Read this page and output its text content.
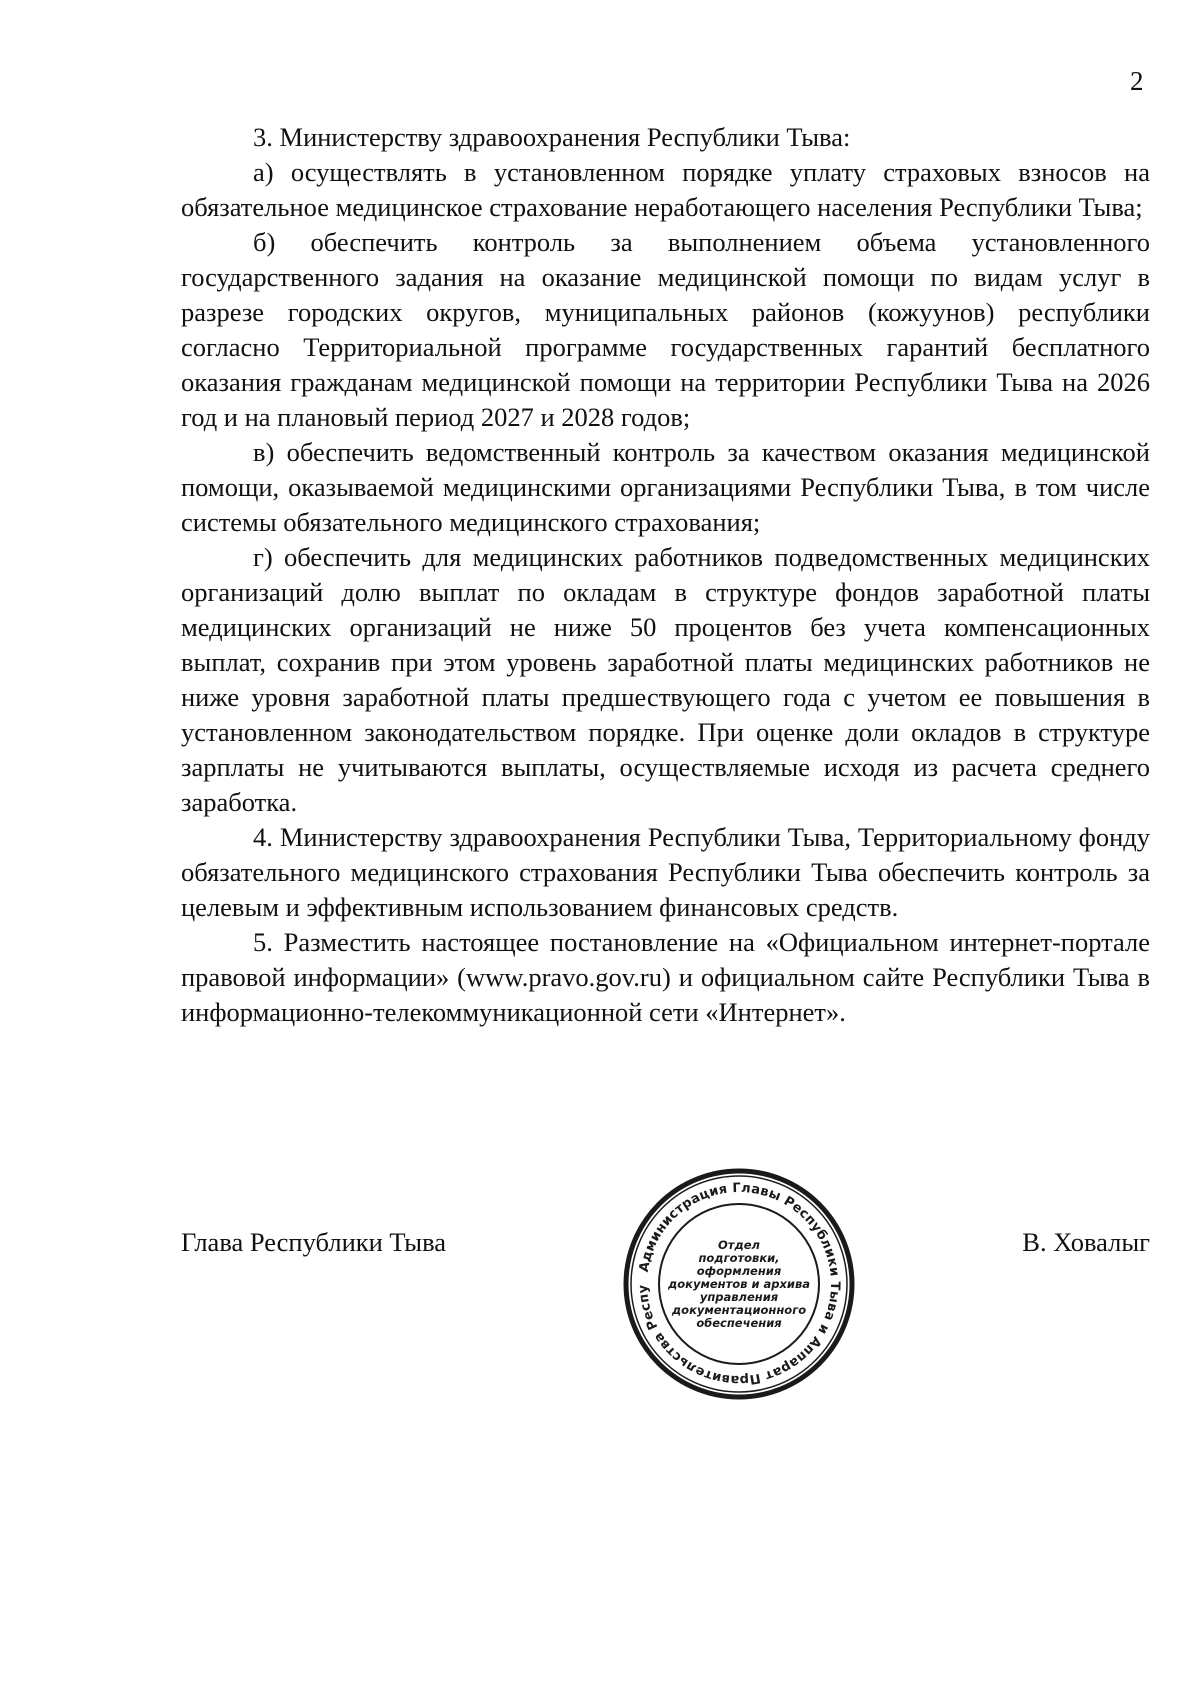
2

3. Министерству здравоохранения Республики Тыва:

а) осуществлять в установленном порядке уплату страховых взносов на обязательное медицинское страхование неработающего населения Республики Тыва;

б) обеспечить контроль за выполнением объема установленного государственного задания на оказание медицинской помощи по видам услуг в разрезе городских округов, муниципальных районов (кожуунов) республики согласно Территориальной программе государственных гарантий бесплатного оказания гражданам медицинской помощи на территории Республики Тыва на 2026 год и на плановый период 2027 и 2028 годов;

в) обеспечить ведомственный контроль за качеством оказания медицинской помощи, оказываемой медицинскими организациями Республики Тыва, в том числе системы обязательного медицинского страхования;

г) обеспечить для медицинских работников подведомственных медицинских организаций долю выплат по окладам в структуре фондов заработной платы медицинских организаций не ниже 50 процентов без учета компенсационных выплат, сохранив при этом уровень заработной платы медицинских работников не ниже уровня заработной платы предшествующего года с учетом ее повышения в установленном законодательством порядке. При оценке доли окладов в структуре зарплаты не учитываются выплаты, осуществляемые исходя из расчета среднего заработка.

4. Министерству здравоохранения Республики Тыва, Территориальному фонду обязательного медицинского страхования Республики Тыва обеспечить контроль за целевым и эффективным использованием финансовых средств.

5. Разместить настоящее постановление на «Официальном интернет-портале правовой информации» (www.pravo.gov.ru) и официальном сайте Республики Тыва в информационно-телекоммуникационной сети «Интернет».

Глава Республики Тыва	В. Ховалыг
Администрация Главы Республики Тыва и Аппарат Правительства Респу
Отдел
подготовки,
оформления
документов и архива
управления
документационного
обеспечения
